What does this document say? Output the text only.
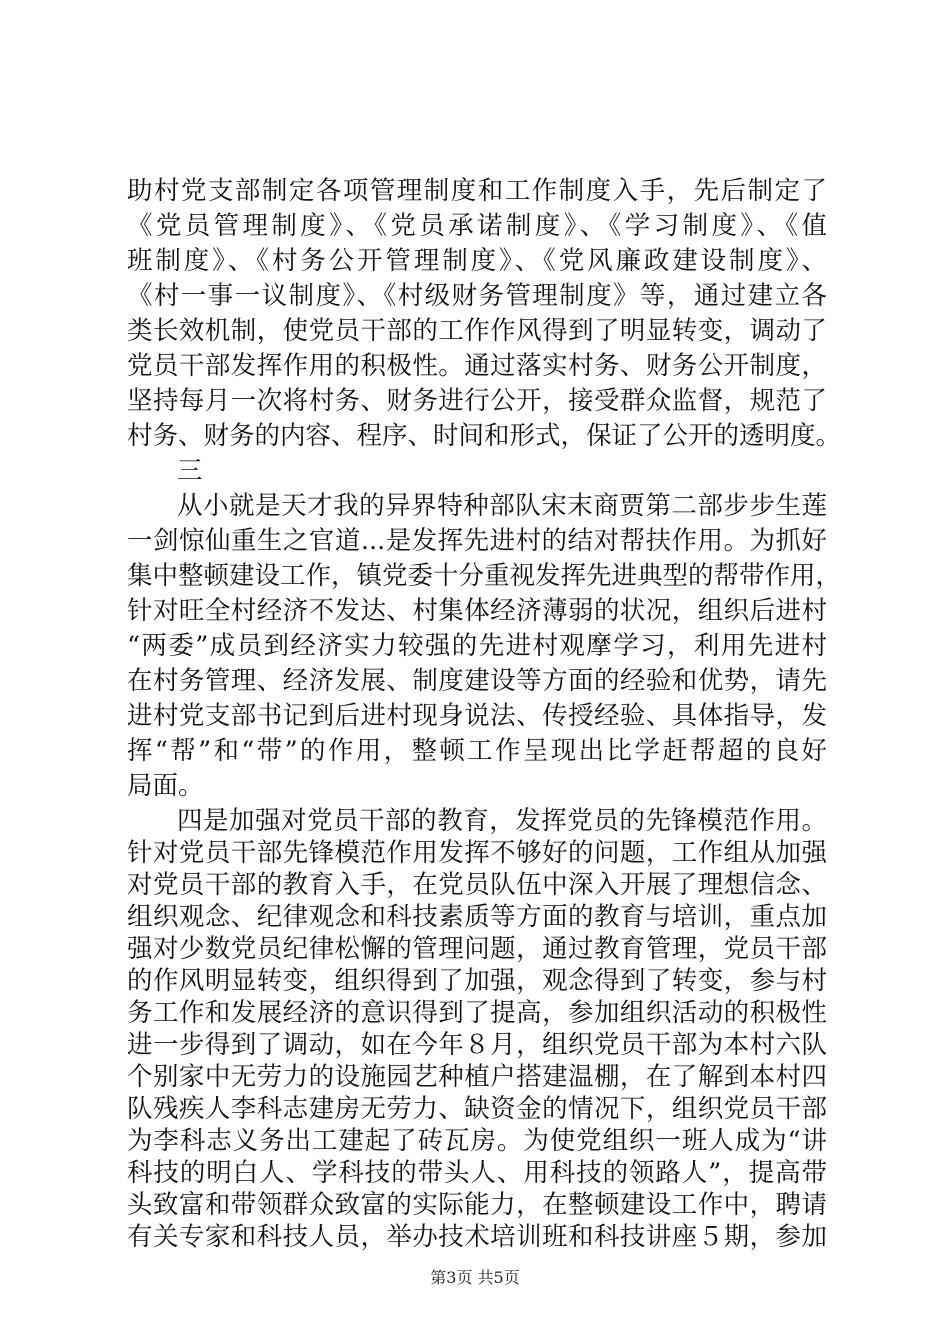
助村党支部制定各项管理制度和工作制度入手，先后制定了
《党员管理制度》、《党员承诺制度》、《学习制度》、《值
班制度》、《村务公开管理制度》、《党风廉政建设制度》、
《村一事一议制度》、《村级财务管理制度》等，通过建立各
类长效机制，使党员干部的工作作风得到了明显转变，调动了
党员干部发挥作用的积极性。通过落实村务、财务公开制度，
坚持每月一次将村务、财务进行公开，接受群众监督，规范了
村务、财务的内容、程序、时间和形式，保证了公开的透明度。
三
从小就是天才我的异界特种部队宋末商贾第二部步步生莲
一剑惊仙重生之官道...是发挥先进村的结对帮扶作用。为抓好
集中整顿建设工作，镇党委十分重视发挥先进典型的帮带作用，
针对旺全村经济不发达、村集体经济薄弱的状况，组织后进村
“两委”成员到经济实力较强的先进村观摩学习，利用先进村
在村务管理、经济发展、制度建设等方面的经验和优势，请先
进村党支部书记到后进村现身说法、传授经验、具体指导，发
挥“帮”和“带”的作用，整顿工作呈现出比学赶帮超的良好
局面。
四是加强对党员干部的教育，发挥党员的先锋模范作用。
针对党员干部先锋模范作用发挥不够好的问题，工作组从加强
对党员干部的教育入手，在党员队伍中深入开展了理想信念、
组织观念、纪律观念和科技素质等方面的教育与培训，重点加
强对少数党员纪律松懈的管理问题，通过教育管理，党员干部
的作风明显转变，组织得到了加强，观念得到了转变，参与村
务工作和发展经济的意识得到了提高，参加组织活动的积极性
进一步得到了调动，如在今年８月，组织党员干部为本村六队
个别家中无劳力的设施园艺种植户搭建温棚，在了解到本村四
队残疾人李科志建房无劳力、缺资金的情况下，组织党员干部
为李科志义务出工建起了砖瓦房。为使党组织一班人成为“讲
科技的明白人、学科技的带头人、用科技的领路人”，提高带
头致富和带领群众致富的实际能力，在整顿建设工作中，聘请
第3页 共5页
有关专家和科技人员，举办技术培训班和科技讲座５期，参加
